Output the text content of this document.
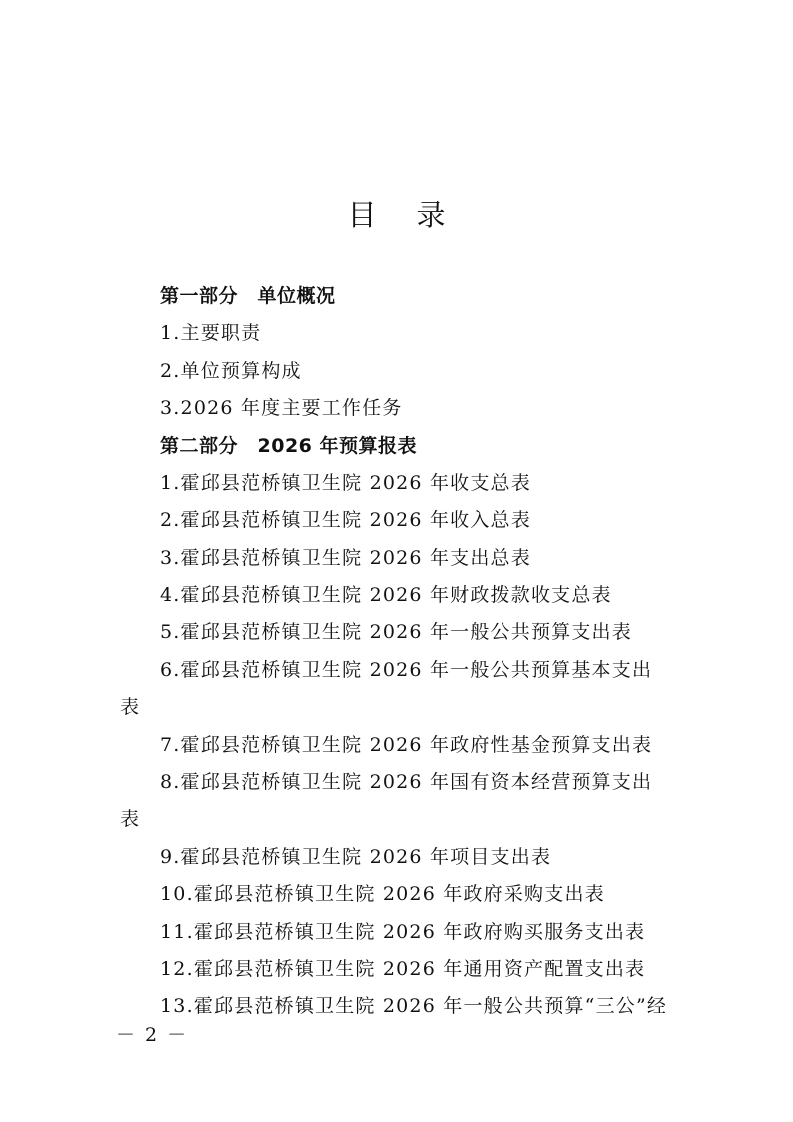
目录
第一部分　单位概况
1.主要职责
2.单位预算构成
3.2026 年度主要工作任务
第二部分　2026 年预算报表
1.霍邱县范桥镇卫生院 2026 年收支总表
2.霍邱县范桥镇卫生院 2026 年收入总表
3.霍邱县范桥镇卫生院 2026 年支出总表
4.霍邱县范桥镇卫生院 2026 年财政拨款收支总表
5.霍邱县范桥镇卫生院 2026 年一般公共预算支出表
6.霍邱县范桥镇卫生院 2026 年一般公共预算基本支出
表
7.霍邱县范桥镇卫生院 2026 年政府性基金预算支出表
8.霍邱县范桥镇卫生院 2026 年国有资本经营预算支出
表
9.霍邱县范桥镇卫生院 2026 年项目支出表
10.霍邱县范桥镇卫生院 2026 年政府采购支出表
11.霍邱县范桥镇卫生院 2026 年政府购买服务支出表
12.霍邱县范桥镇卫生院 2026 年通用资产配置支出表
13.霍邱县范桥镇卫生院 2026 年一般公共预算“三公”经
－ 2 －
